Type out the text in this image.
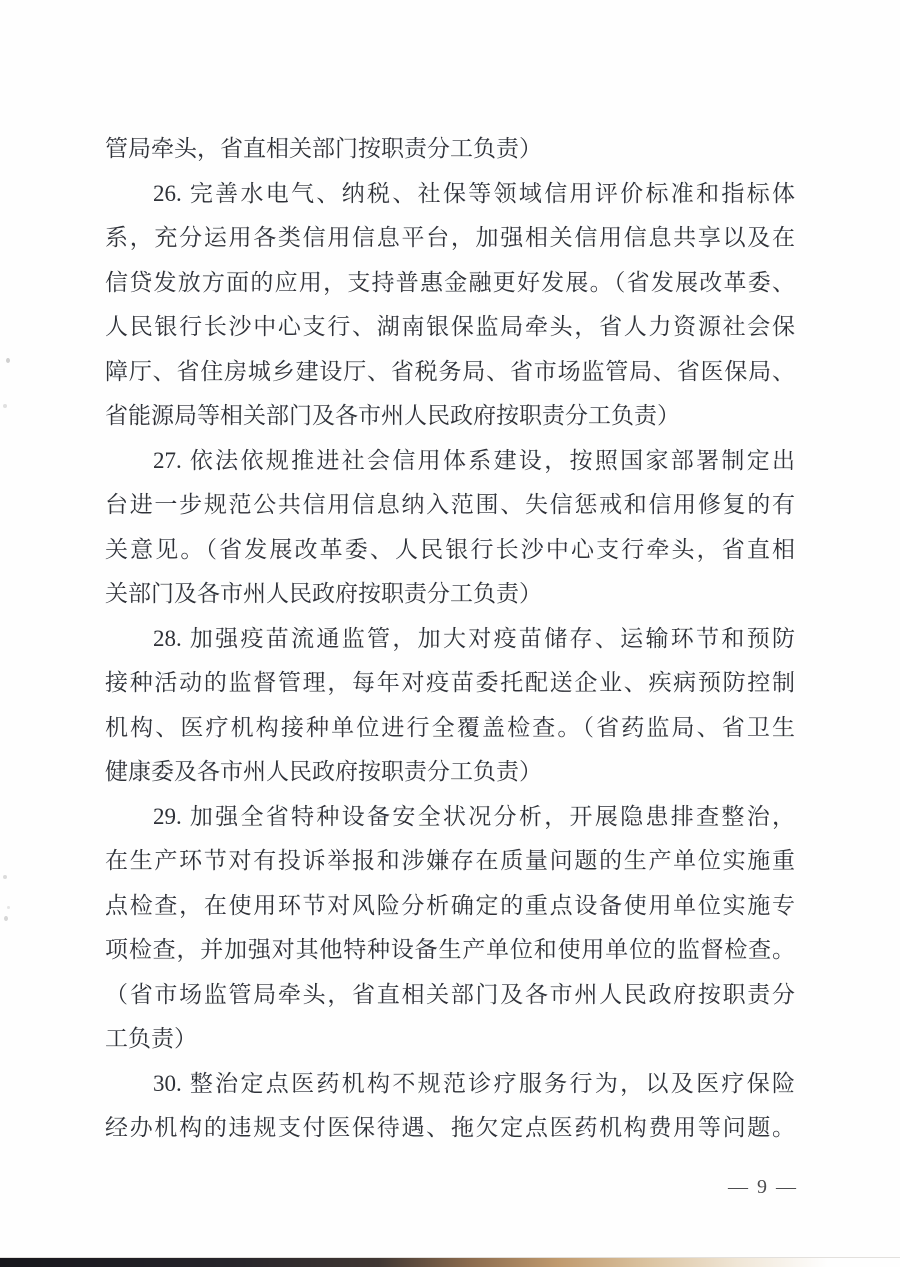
管局牵头，省直相关部门按职责分工负责）
26. 完善水电气、纳税、社保等领域信用评价标准和指标体
系，充分运用各类信用信息平台，加强相关信用信息共享以及在
信贷发放方面的应用，支持普惠金融更好发展。（省发展改革委、
人民银行长沙中心支行、湖南银保监局牵头，省人力资源社会保
障厅、省住房城乡建设厅、省税务局、省市场监管局、省医保局、
省能源局等相关部门及各市州人民政府按职责分工负责）
27. 依法依规推进社会信用体系建设，按照国家部署制定出
台进一步规范公共信用信息纳入范围、失信惩戒和信用修复的有
关意见。（省发展改革委、人民银行长沙中心支行牵头，省直相
关部门及各市州人民政府按职责分工负责）
28. 加强疫苗流通监管，加大对疫苗储存、运输环节和预防
接种活动的监督管理，每年对疫苗委托配送企业、疾病预防控制
机构、医疗机构接种单位进行全覆盖检查。（省药监局、省卫生
健康委及各市州人民政府按职责分工负责）
29. 加强全省特种设备安全状况分析，开展隐患排查整治，
在生产环节对有投诉举报和涉嫌存在质量问题的生产单位实施重
点检查，在使用环节对风险分析确定的重点设备使用单位实施专
项检查，并加强对其他特种设备生产单位和使用单位的监督检查。
（省市场监管局牵头，省直相关部门及各市州人民政府按职责分
工负责）
30. 整治定点医药机构不规范诊疗服务行为，以及医疗保险
经办机构的违规支付医保待遇、拖欠定点医药机构费用等问题。
— 9 —
